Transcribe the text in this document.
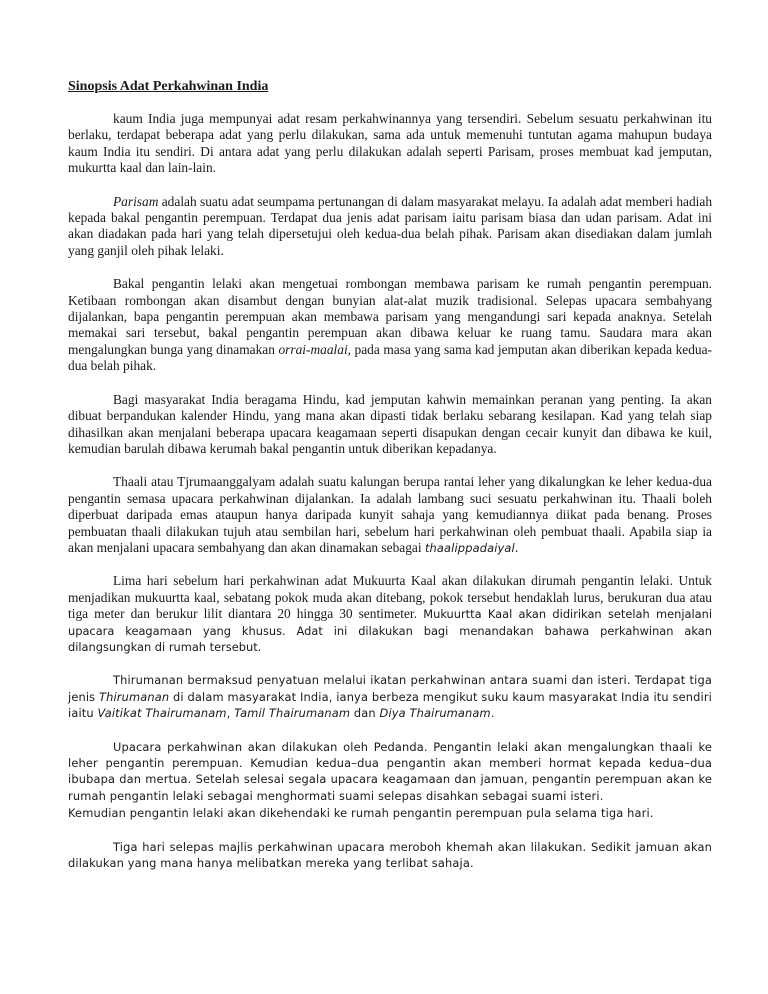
Sinopsis Adat Perkahwinan India

kaum India juga mempunyai adat resam perkahwinannya yang tersendiri. Sebelum sesuatu perkahwinan itu berlaku, terdapat beberapa adat yang perlu dilakukan, sama ada untuk memenuhi tuntutan agama mahupun budaya kaum India itu sendiri. Di antara adat yang perlu dilakukan adalah seperti Parisam, proses membuat kad jemputan, mukurtta kaal dan lain-lain.

Parisam adalah suatu adat seumpama pertunangan di dalam masyarakat melayu. Ia adalah adat memberi hadiah kepada bakal pengantin perempuan. Terdapat dua jenis adat parisam iaitu parisam biasa dan udan parisam. Adat ini akan diadakan pada hari yang telah dipersetujui oleh kedua-dua belah pihak. Parisam akan disediakan dalam jumlah yang ganjil oleh pihak lelaki.

Bakal pengantin lelaki akan mengetuai rombongan membawa parisam ke rumah pengantin perempuan. Ketibaan rombongan akan disambut dengan bunyian alat-alat muzik tradisional. Selepas upacara sembahyang dijalankan, bapa pengantin perempuan akan membawa parisam yang mengandungi sari kepada anaknya. Setelah memakai sari tersebut, bakal pengantin perempuan akan dibawa keluar ke ruang tamu. Saudara mara akan mengalungkan bunga yang dinamakan orrai-maalai, pada masa yang sama kad jemputan akan diberikan kepada kedua-dua belah pihak.

Bagi masyarakat India beragama Hindu, kad jemputan kahwin memainkan peranan yang penting. Ia akan dibuat berpandukan kalender Hindu, yang mana akan dipasti tidak berlaku sebarang kesilapan. Kad yang telah siap dihasilkan akan menjalani beberapa upacara keagamaan seperti disapukan dengan cecair kunyit dan dibawa ke kuil, kemudian barulah dibawa kerumah bakal pengantin untuk diberikan kepadanya.

Thaali atau Tjrumaanggalyam adalah suatu kalungan berupa rantai leher yang dikalungkan ke leher kedua-dua pengantin semasa upacara perkahwinan dijalankan. Ia adalah lambang suci sesuatu perkahwinan itu. Thaali boleh diperbuat daripada emas ataupun hanya daripada kunyit sahaja yang kemudiannya diikat pada benang. Proses pembuatan thaali dilakukan tujuh atau sembilan hari, sebelum hari perkahwinan oleh pembuat thaali. Apabila siap ia akan menjalani upacara sembahyang dan akan dinamakan sebagai thaalippadaiyal.

Lima hari sebelum hari perkahwinan adat Mukuurta Kaal akan dilakukan dirumah pengantin lelaki. Untuk menjadikan mukuurtta kaal, sebatang pokok muda akan ditebang, pokok tersebut hendaklah lurus, berukuran dua atau tiga meter dan berukur lilit diantara 20 hingga 30 sentimeter. Mukuurtta Kaal akan didirikan setelah menjalani upacara keagamaan yang khusus. Adat ini dilakukan bagi menandakan bahawa perkahwinan akan dilangsungkan di rumah tersebut.

Thirumanan bermaksud penyatuan melalui ikatan perkahwinan antara suami dan isteri. Terdapat tiga jenis Thirumanan di dalam masyarakat India, ianya berbeza mengikut suku kaum masyarakat India itu sendiri iaitu Vaitikat Thairumanam, Tamil Thairumanam dan Diya Thairumanam.

Upacara perkahwinan akan dilakukan oleh Pedanda. Pengantin lelaki akan mengalungkan thaali ke leher pengantin perempuan. Kemudian kedua–dua pengantin akan memberi hormat kepada kedua–dua ibubapa dan mertua. Setelah selesai segala upacara keagamaan dan jamuan, pengantin perempuan akan ke rumah pengantin lelaki sebagai menghormati suami selepas disahkan sebagai suami isteri.

Kemudian pengantin lelaki akan dikehendaki ke rumah pengantin perempuan pula selama tiga hari.

Tiga hari selepas majlis perkahwinan upacara meroboh khemah akan lilakukan. Sedikit jamuan akan dilakukan yang mana hanya melibatkan mereka yang terlibat sahaja.
